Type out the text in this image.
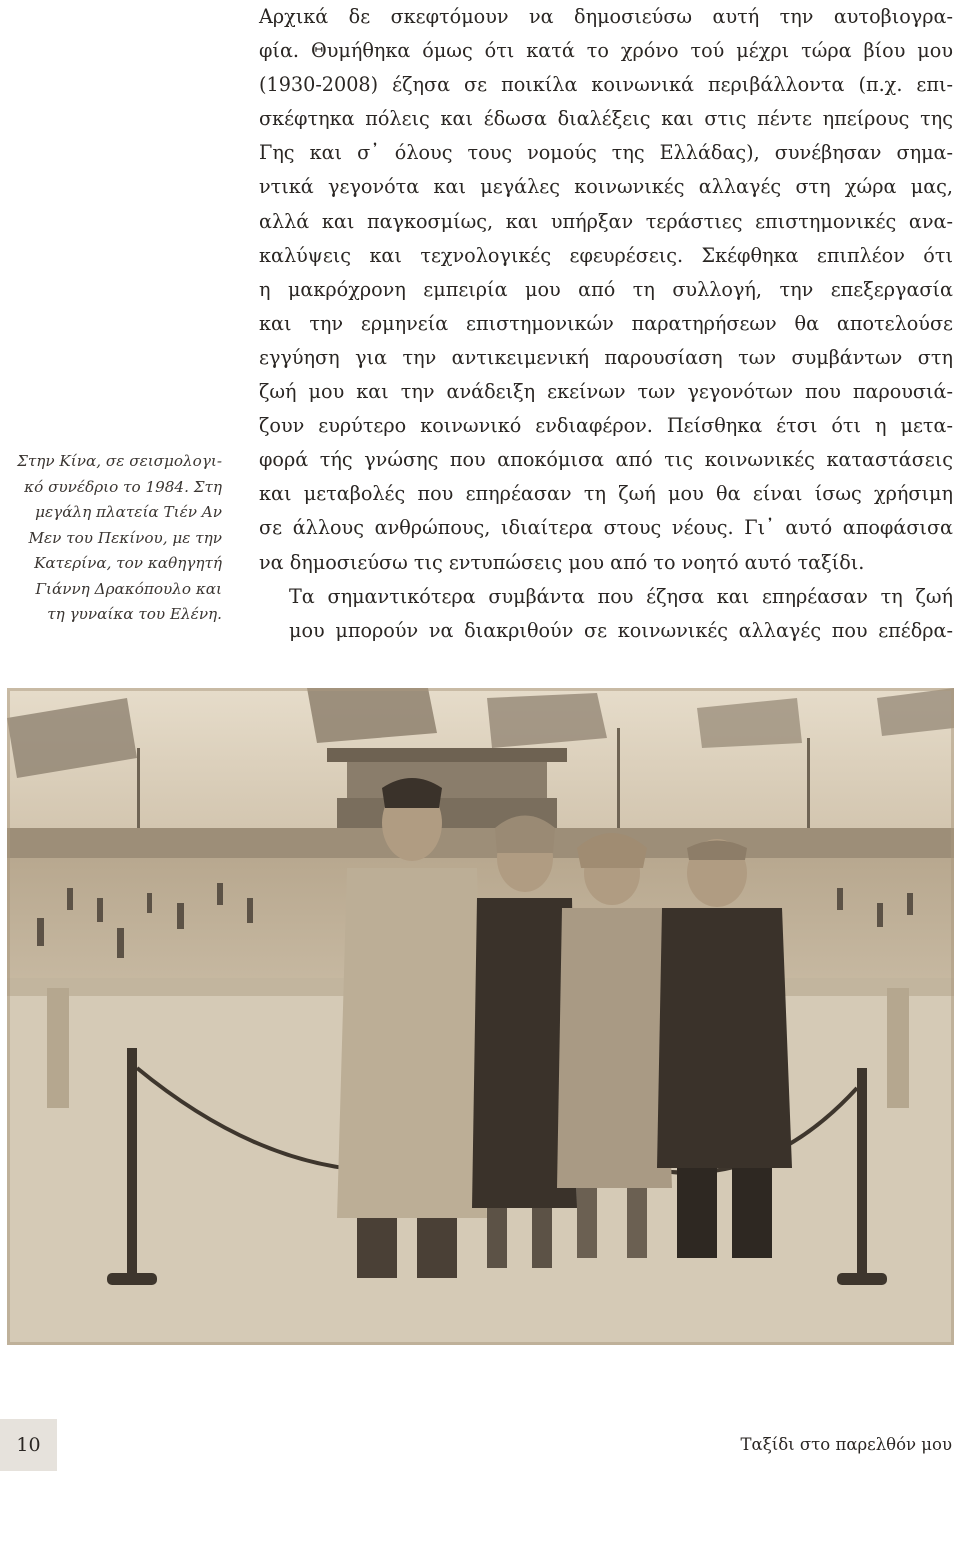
Αρχικά δε σκεφτόμουν να δημοσιεύσω αυτή την αυτοβιογρα-
φία. Θυμήθηκα όμως ότι κατά το χρόνο τού μέχρι τώρα βίου μου
(1930-2008) έζησα σε ποικίλα κοινωνικά περιβάλλοντα (π.χ. επι-
σκέφτηκα πόλεις και έδωσα διαλέξεις και στις πέντε ηπείρους της
Γης και σ᾽ όλους τους νομούς της Ελλάδας), συνέβησαν σημα-
ντικά γεγονότα και μεγάλες κοινωνικές αλλαγές στη χώρα μας,
αλλά και παγκοσμίως, και υπήρξαν τεράστιες επιστημονικές ανα-
καλύψεις και τεχνολογικές εφευρέσεις. Σκέφθηκα επιπλέον ότι
η μακρόχρονη εμπειρία μου από τη συλλογή, την επεξεργασία
και την ερμηνεία επιστημονικών παρατηρήσεων θα αποτελούσε
εγγύηση για την αντικειμενική παρουσίαση των συμβάντων στη
ζωή μου και την ανάδειξη εκείνων των γεγονότων που παρουσιά-
ζουν ευρύτερο κοινωνικό ενδιαφέρον. Πείσθηκα έτσι ότι η μετα-
φορά τής γνώσης που αποκόμισα από τις κοινωνικές καταστάσεις
και μεταβολές που επηρέασαν τη ζωή μου θα είναι ίσως χρήσιμη
σε άλλους ανθρώπους, ιδιαίτερα στους νέους. Γι᾽ αυτό αποφάσισα
να δημοσιεύσω τις εντυπώσεις μου από το νοητό αυτό ταξίδι.

Τα σημαντικότερα συμβάντα που έζησα και επηρέασαν τη ζωή
μου μπορούν να διακριθούν σε κοινωνικές αλλαγές που επέδρα-

Στην Κίνα, σε σεισμολογι-
κό συνέδριο το 1984. Στη
μεγάλη πλατεία Τιέν Αν
Μεν του Πεκίνου, με την
Κατερίνα, τον καθηγητή
Γιάννη Δρακόπουλο και
τη γυναίκα του Ελένη.
10	Ταξίδι στο παρελθόν μου
